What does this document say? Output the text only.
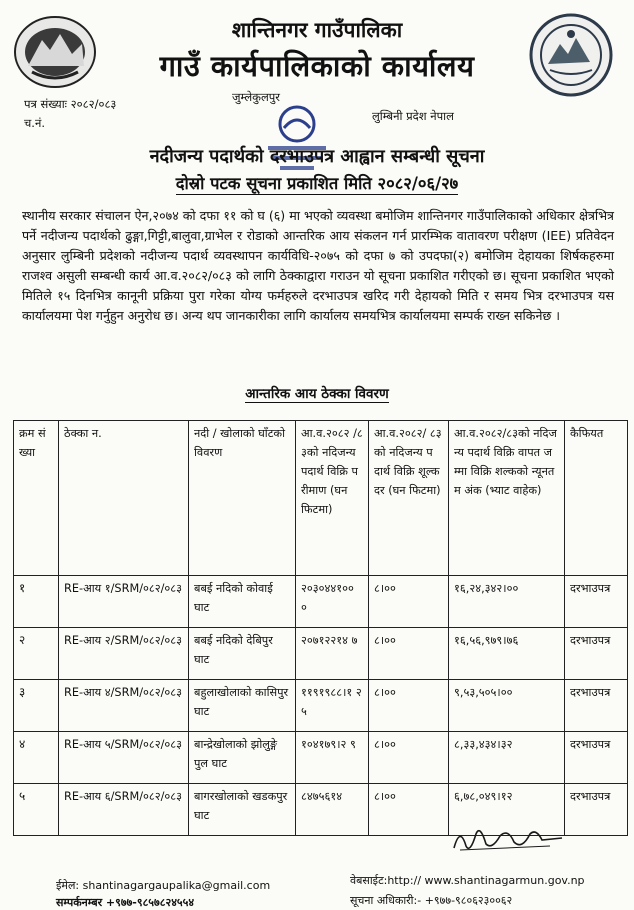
शान्तिनगर गाउँपालिका
गाउँ कार्यपालिकाको कार्यालय
पत्र संख्याः २०८२/०८३
च.नं.
जुम्लेकुलपुर
लुम्बिनी प्रदेश नेपाल
नदीजन्य पदार्थको दरभाउपत्र आह्वान सम्बन्धी सूचना
दोस्रो पटक सूचना प्रकाशित मिति २०८२/०६/२७
स्थानीय सरकार संचालन ऐन,२०७४ को दफा ११ को घ (६) मा भएको व्यवस्था बमोजिम शान्तिनगर गाउँपालिकाको अधिकार क्षेत्रभित्र पर्ने नदीजन्य पदार्थको ढुङ्गा,गिट्टी,बालुवा,ग्राभेल र रोडाको आन्तरिक आय संकलन गर्न प्रारम्भिक वातावरण परीक्षण (IEE) प्रतिवेदन अनुसार लुम्बिनी प्रदेशको नदीजन्य पदार्थ व्यवस्थापन कार्यविधि-२०७५ को दफा ७ को उपदफा(२) बमोजिम देहायका शिर्षकहरुमा राजश्व असुली सम्बन्धी कार्य आ.व.२०८२/०८३ को लागि ठेक्काद्वारा गराउन यो सूचना प्रकाशित गरीएको छ। सूचना प्रकाशित भएको मितिले १५ दिनभित्र कानूनी प्रक्रिया पुरा गरेका योग्य फर्महरुले दरभाउपत्र खरिद गरी देहायको मिति र समय भित्र दरभाउपत्र यस कार्यालयमा पेश गर्नुहुन अनुरोध छ। अन्य थप जानकारीका लागि कार्यालय समयभित्र कार्यालयमा सम्पर्क राख्न सकिनेछ ।
आन्तरिक आय ठेक्का विवरण
क्रम सं ख्या	ठेक्का न.	नदी / खोलाको घाँटको विवरण	आ.व.२०८२ /८३को नदिजन्य पदार्थ विक्रि परीमाण (घन फिटमा)	आ.व.२०८२/ ८३को नदिजन्य पदार्थ विक्रि शूल्क दर (घन फिटमा)	आ.व.२०८२/८३को नदिजन्य पदार्थ विक्रि वापत जम्मा विक्रि शल्कको न्यूनतम अंक (भ्याट वाहेक)	कैफियत
१	RE-आय १/SRM/०८२/०८३	बबई नदिको कोवाई घाट	२०३०४४१०० ०	८।००	१६,२४,३४२।००	दरभाउपत्र
२	RE-आय २/SRM/०८२/०८३	बबई नदिको देबिपुर घाट	२०७१२२१४ ७	८।००	१६,५६,९७९।७६	दरभाउपत्र
३	RE-आय ४/SRM/०८२/०८३	बहुलाखोलाको कासिपुर घाट	११९१९८८।१ २५	८।००	९,५३,५०५।००	दरभाउपत्र
४	RE-आय ५/SRM/०८२/०८३	बान्द्रेखोलाको झोलुङ्गे पुल घाट	१०४१७९।२ ९	८।००	८,३३,४३४।३२	दरभाउपत्र
५	RE-आय ६/SRM/०८२/०८३	बागरखोलाको खडकपुर घाट	८४७५६१४	८।००	६,७८,०४९।१२	दरभाउपत्र
ईमेल: shantinagargaupalika@gmail.com
सम्पर्कनम्बर +९७७-९८५७८२४५५४
वेबसाईट:http:// www.shantinagarmun.gov.np
सूचना अधिकारी:- +९७७-९८०६२३००६२
